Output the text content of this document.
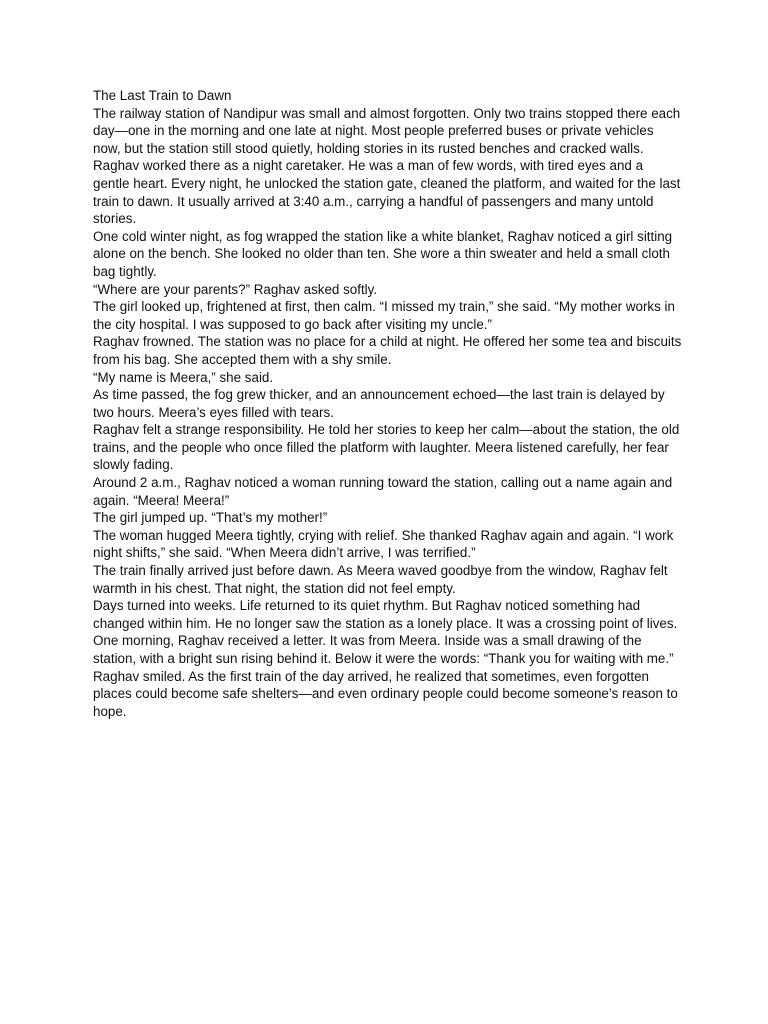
The Last Train to Dawn

The railway station of Nandipur was small and almost forgotten. Only two trains stopped there each day—one in the morning and one late at night. Most people preferred buses or private vehicles now, but the station still stood quietly, holding stories in its rusted benches and cracked walls.

Raghav worked there as a night caretaker. He was a man of few words, with tired eyes and a gentle heart. Every night, he unlocked the station gate, cleaned the platform, and waited for the last train to dawn. It usually arrived at 3:40 a.m., carrying a handful of passengers and many untold stories.

One cold winter night, as fog wrapped the station like a white blanket, Raghav noticed a girl sitting alone on the bench. She looked no older than ten. She wore a thin sweater and held a small cloth bag tightly.

“Where are your parents?” Raghav asked softly.

The girl looked up, frightened at first, then calm. “I missed my train,” she said. “My mother works in the city hospital. I was supposed to go back after visiting my uncle.”

Raghav frowned. The station was no place for a child at night. He offered her some tea and biscuits from his bag. She accepted them with a shy smile.

“My name is Meera,” she said.

As time passed, the fog grew thicker, and an announcement echoed—the last train is delayed by two hours. Meera’s eyes filled with tears.

Raghav felt a strange responsibility. He told her stories to keep her calm—about the station, the old trains, and the people who once filled the platform with laughter. Meera listened carefully, her fear slowly fading.

Around 2 a.m., Raghav noticed a woman running toward the station, calling out a name again and again. “Meera! Meera!”

The girl jumped up. “That’s my mother!”

The woman hugged Meera tightly, crying with relief. She thanked Raghav again and again. “I work night shifts,” she said. “When Meera didn’t arrive, I was terrified.”

The train finally arrived just before dawn. As Meera waved goodbye from the window, Raghav felt warmth in his chest. That night, the station did not feel empty.

Days turned into weeks. Life returned to its quiet rhythm. But Raghav noticed something had changed within him. He no longer saw the station as a lonely place. It was a crossing point of lives.

One morning, Raghav received a letter. It was from Meera. Inside was a small drawing of the station, with a bright sun rising behind it. Below it were the words: “Thank you for waiting with me.”

Raghav smiled. As the first train of the day arrived, he realized that sometimes, even forgotten places could become safe shelters—and even ordinary people could become someone’s reason to hope.
